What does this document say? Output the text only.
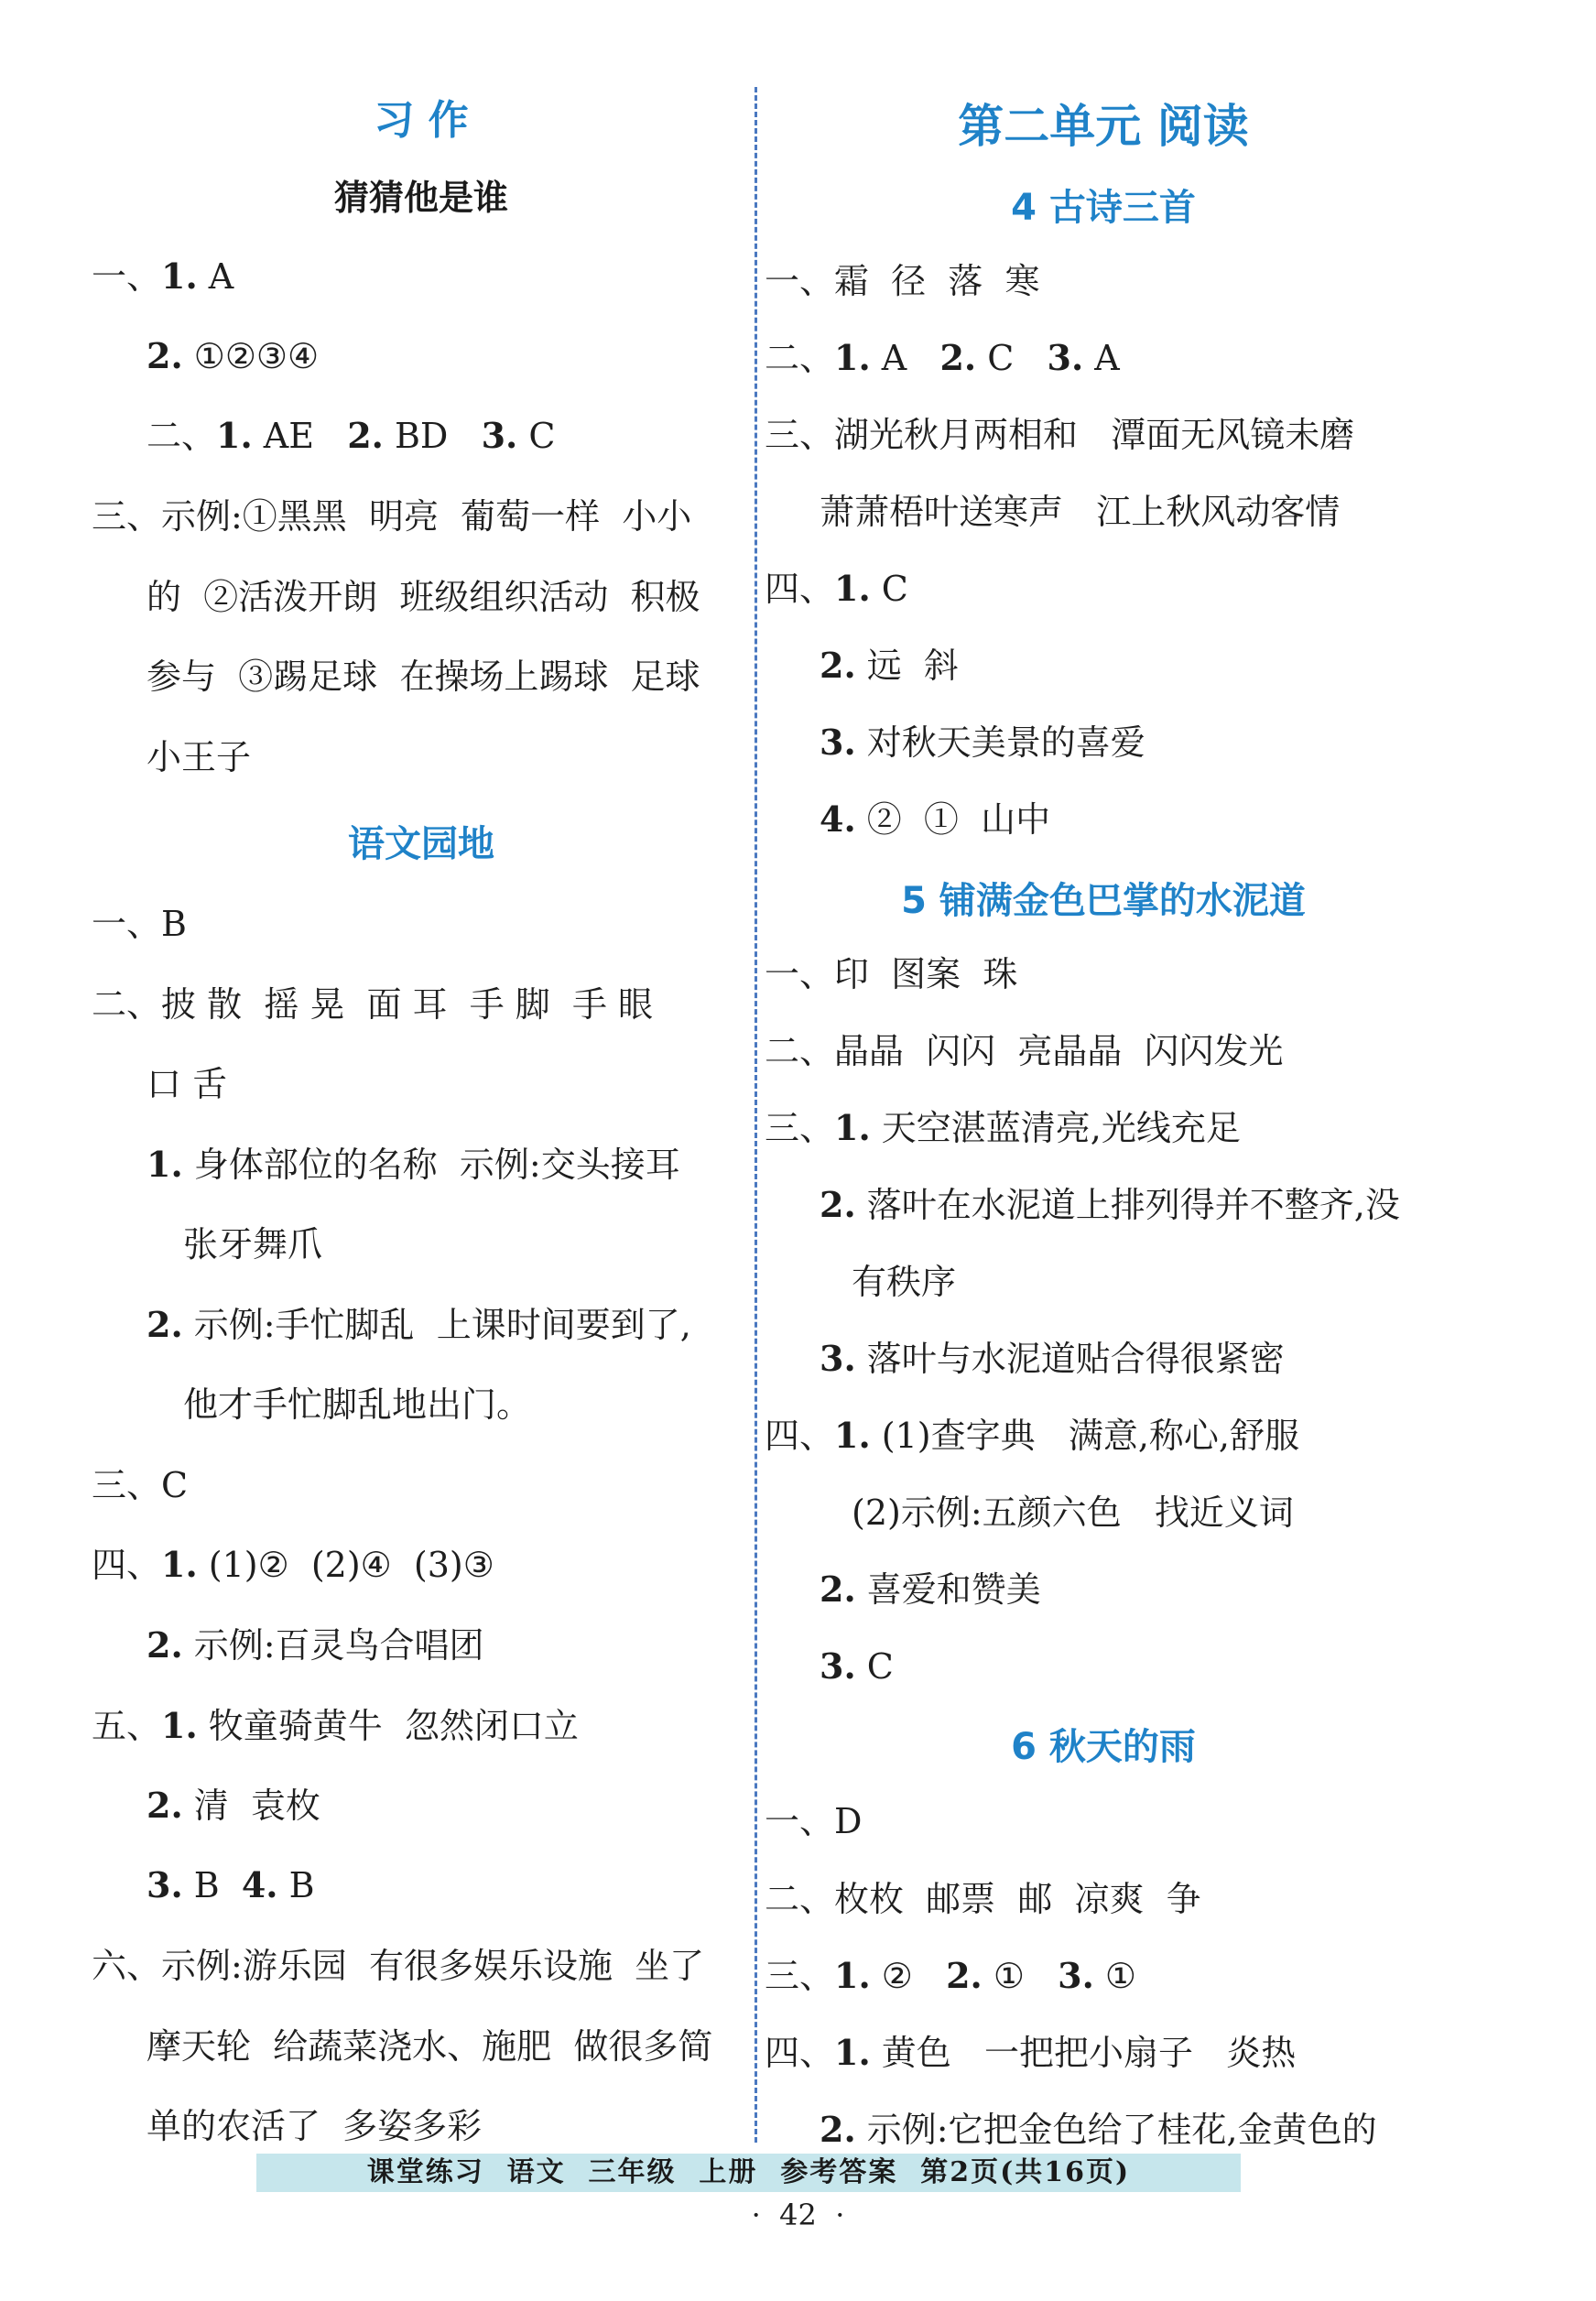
习 作
猜猜他是谁
语文园地
一、1. A
2. ①②③④
二、1. AE   2. BD   3. C
三、示例:①黑黑  明亮  葡萄一样  小小
的  ②活泼开朗  班级组织活动  积极
参与  ③踢足球  在操场上踢球  足球
小王子
一、B
二、披 散  摇 晃  面 耳  手 脚  手 眼
口 舌
1. 身体部位的名称  示例:交头接耳
张牙舞爪
2. 示例:手忙脚乱  上课时间要到了,
他才手忙脚乱地出门。
三、C
四、1. (1)②  (2)④  (3)③
2. 示例:百灵鸟合唱团
五、1. 牧童骑黄牛  忽然闭口立
2. 清  袁枚
3. B  4. B
六、示例:游乐园  有很多娱乐设施  坐了
摩天轮  给蔬菜浇水、施肥  做很多简
单的农活了  多姿多彩
第二单元 阅读
4 古诗三首
5 铺满金色巴掌的水泥道
6 秋天的雨
一、霜  径  落  寒
二、1. A   2. C   3. A
三、湖光秋月两相和   潭面无风镜未磨
萧萧梧叶送寒声   江上秋风动客情
四、1. C
2. 远  斜
3. 对秋天美景的喜爱
4. ②  ①  山中
一、印  图案  珠
二、晶晶  闪闪  亮晶晶  闪闪发光
三、1. 天空湛蓝清亮,光线充足
2. 落叶在水泥道上排列得并不整齐,没
有秩序
3. 落叶与水泥道贴合得很紧密
四、1. (1)查字典   满意,称心,舒服
(2)示例:五颜六色   找近义词
2. 喜爱和赞美
3. C
一、D
二、枚枚  邮票  邮  凉爽  争
三、1. ②   2. ①   3. ①
四、1. 黄色   一把把小扇子   炎热
2. 示例:它把金色给了桂花,金黄色的
课堂练习  语文  三年级  上册  参考答案  第2页(共16页)
·  42  ·
